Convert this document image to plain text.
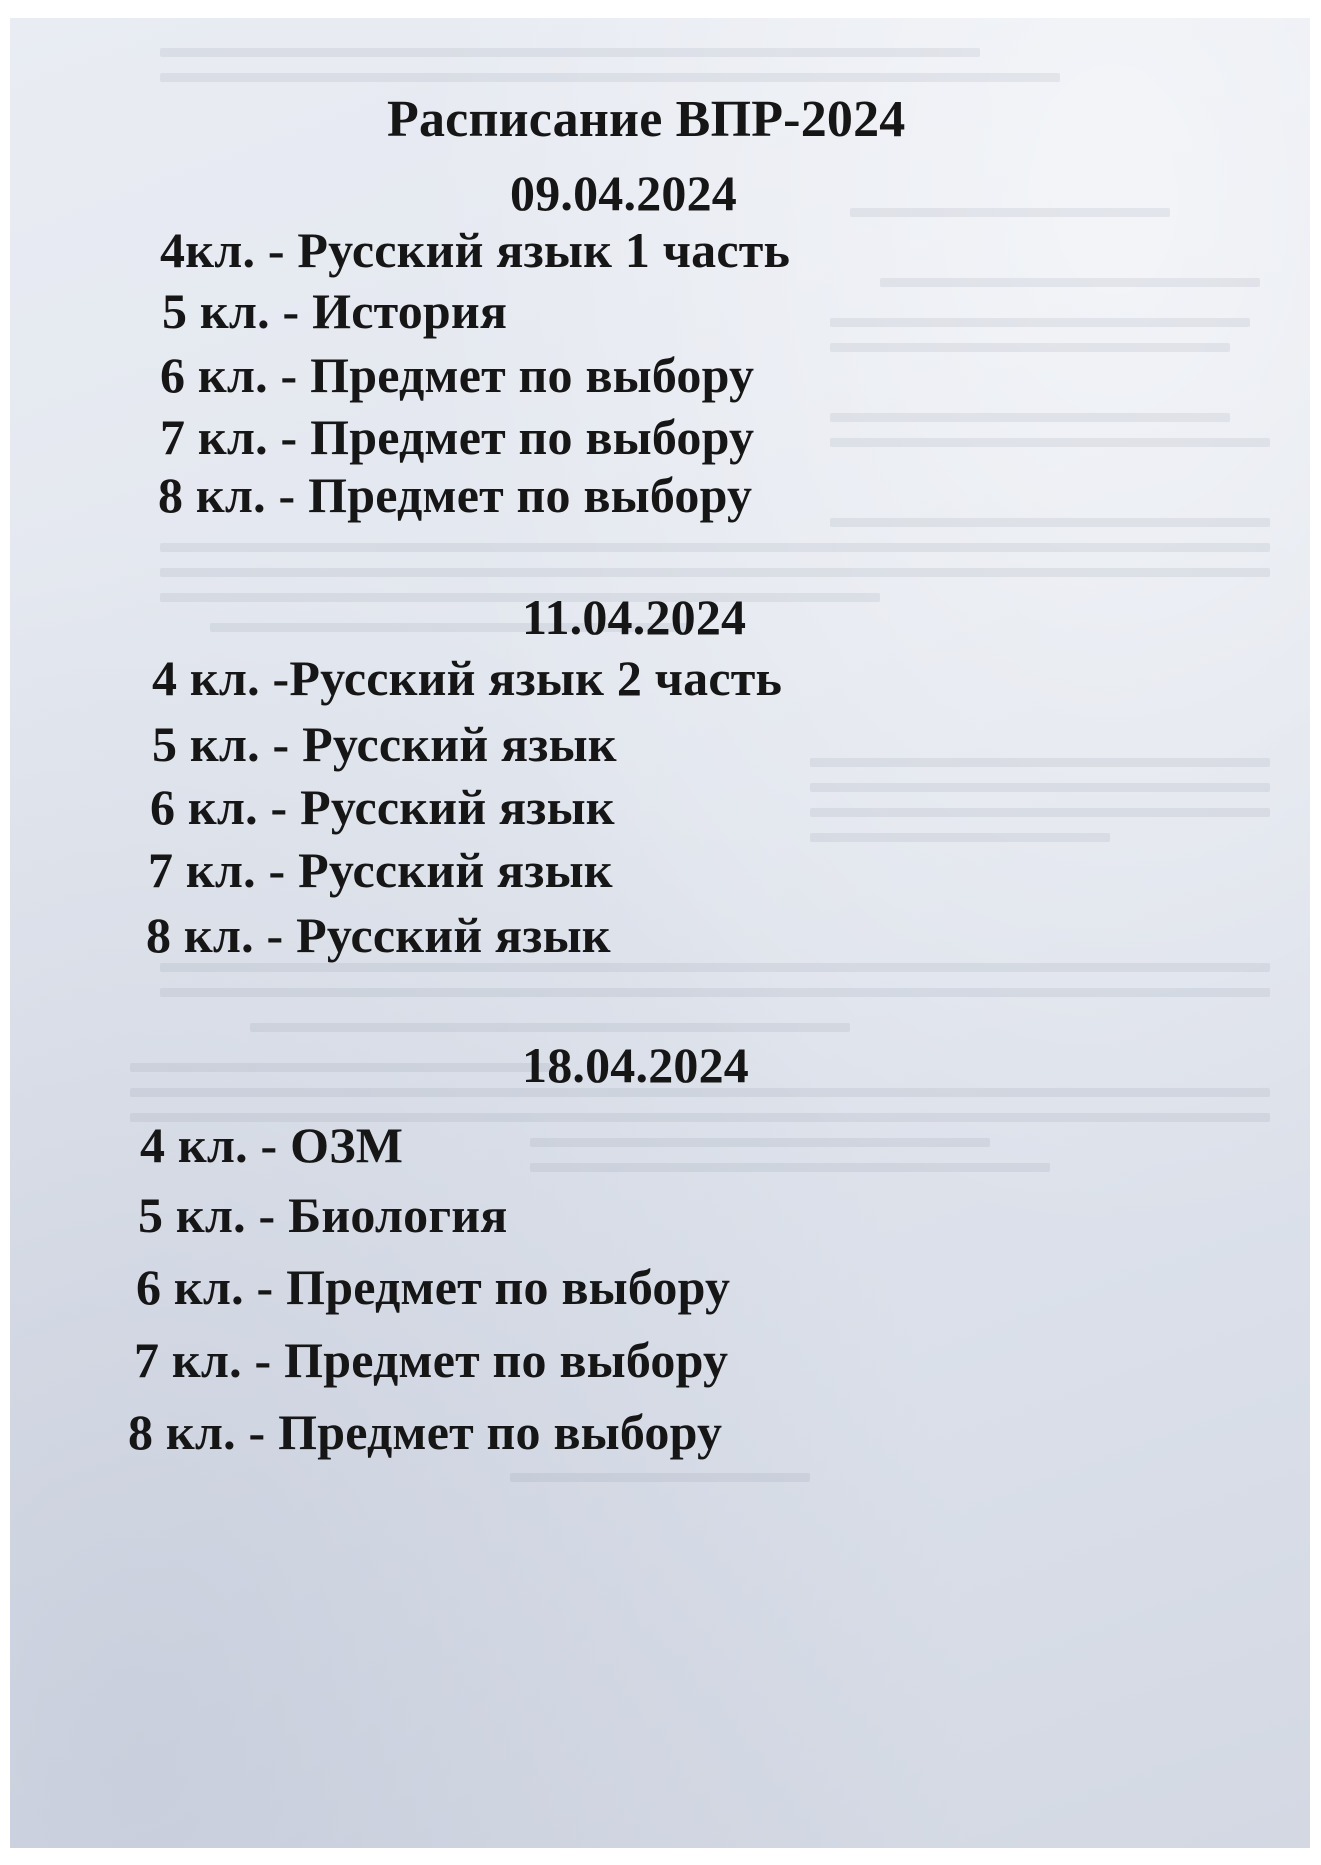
Расписание ВПР-2024
09.04.2024

4кл. - Русский язык 1 часть

5 кл. - История

6 кл. - Предмет по выбору

7 кл. - Предмет по выбору

8 кл. - Предмет по выбору

11.04.2024

4 кл. -Русский язык 2 часть

5 кл. - Русский язык

6 кл. - Русский язык

7 кл. - Русский язык

8 кл. - Русский язык

18.04.2024

4 кл. - ОЗМ

5 кл. - Биология

6 кл. - Предмет по выбору

7 кл. - Предмет по выбору

8 кл. - Предмет по выбору
